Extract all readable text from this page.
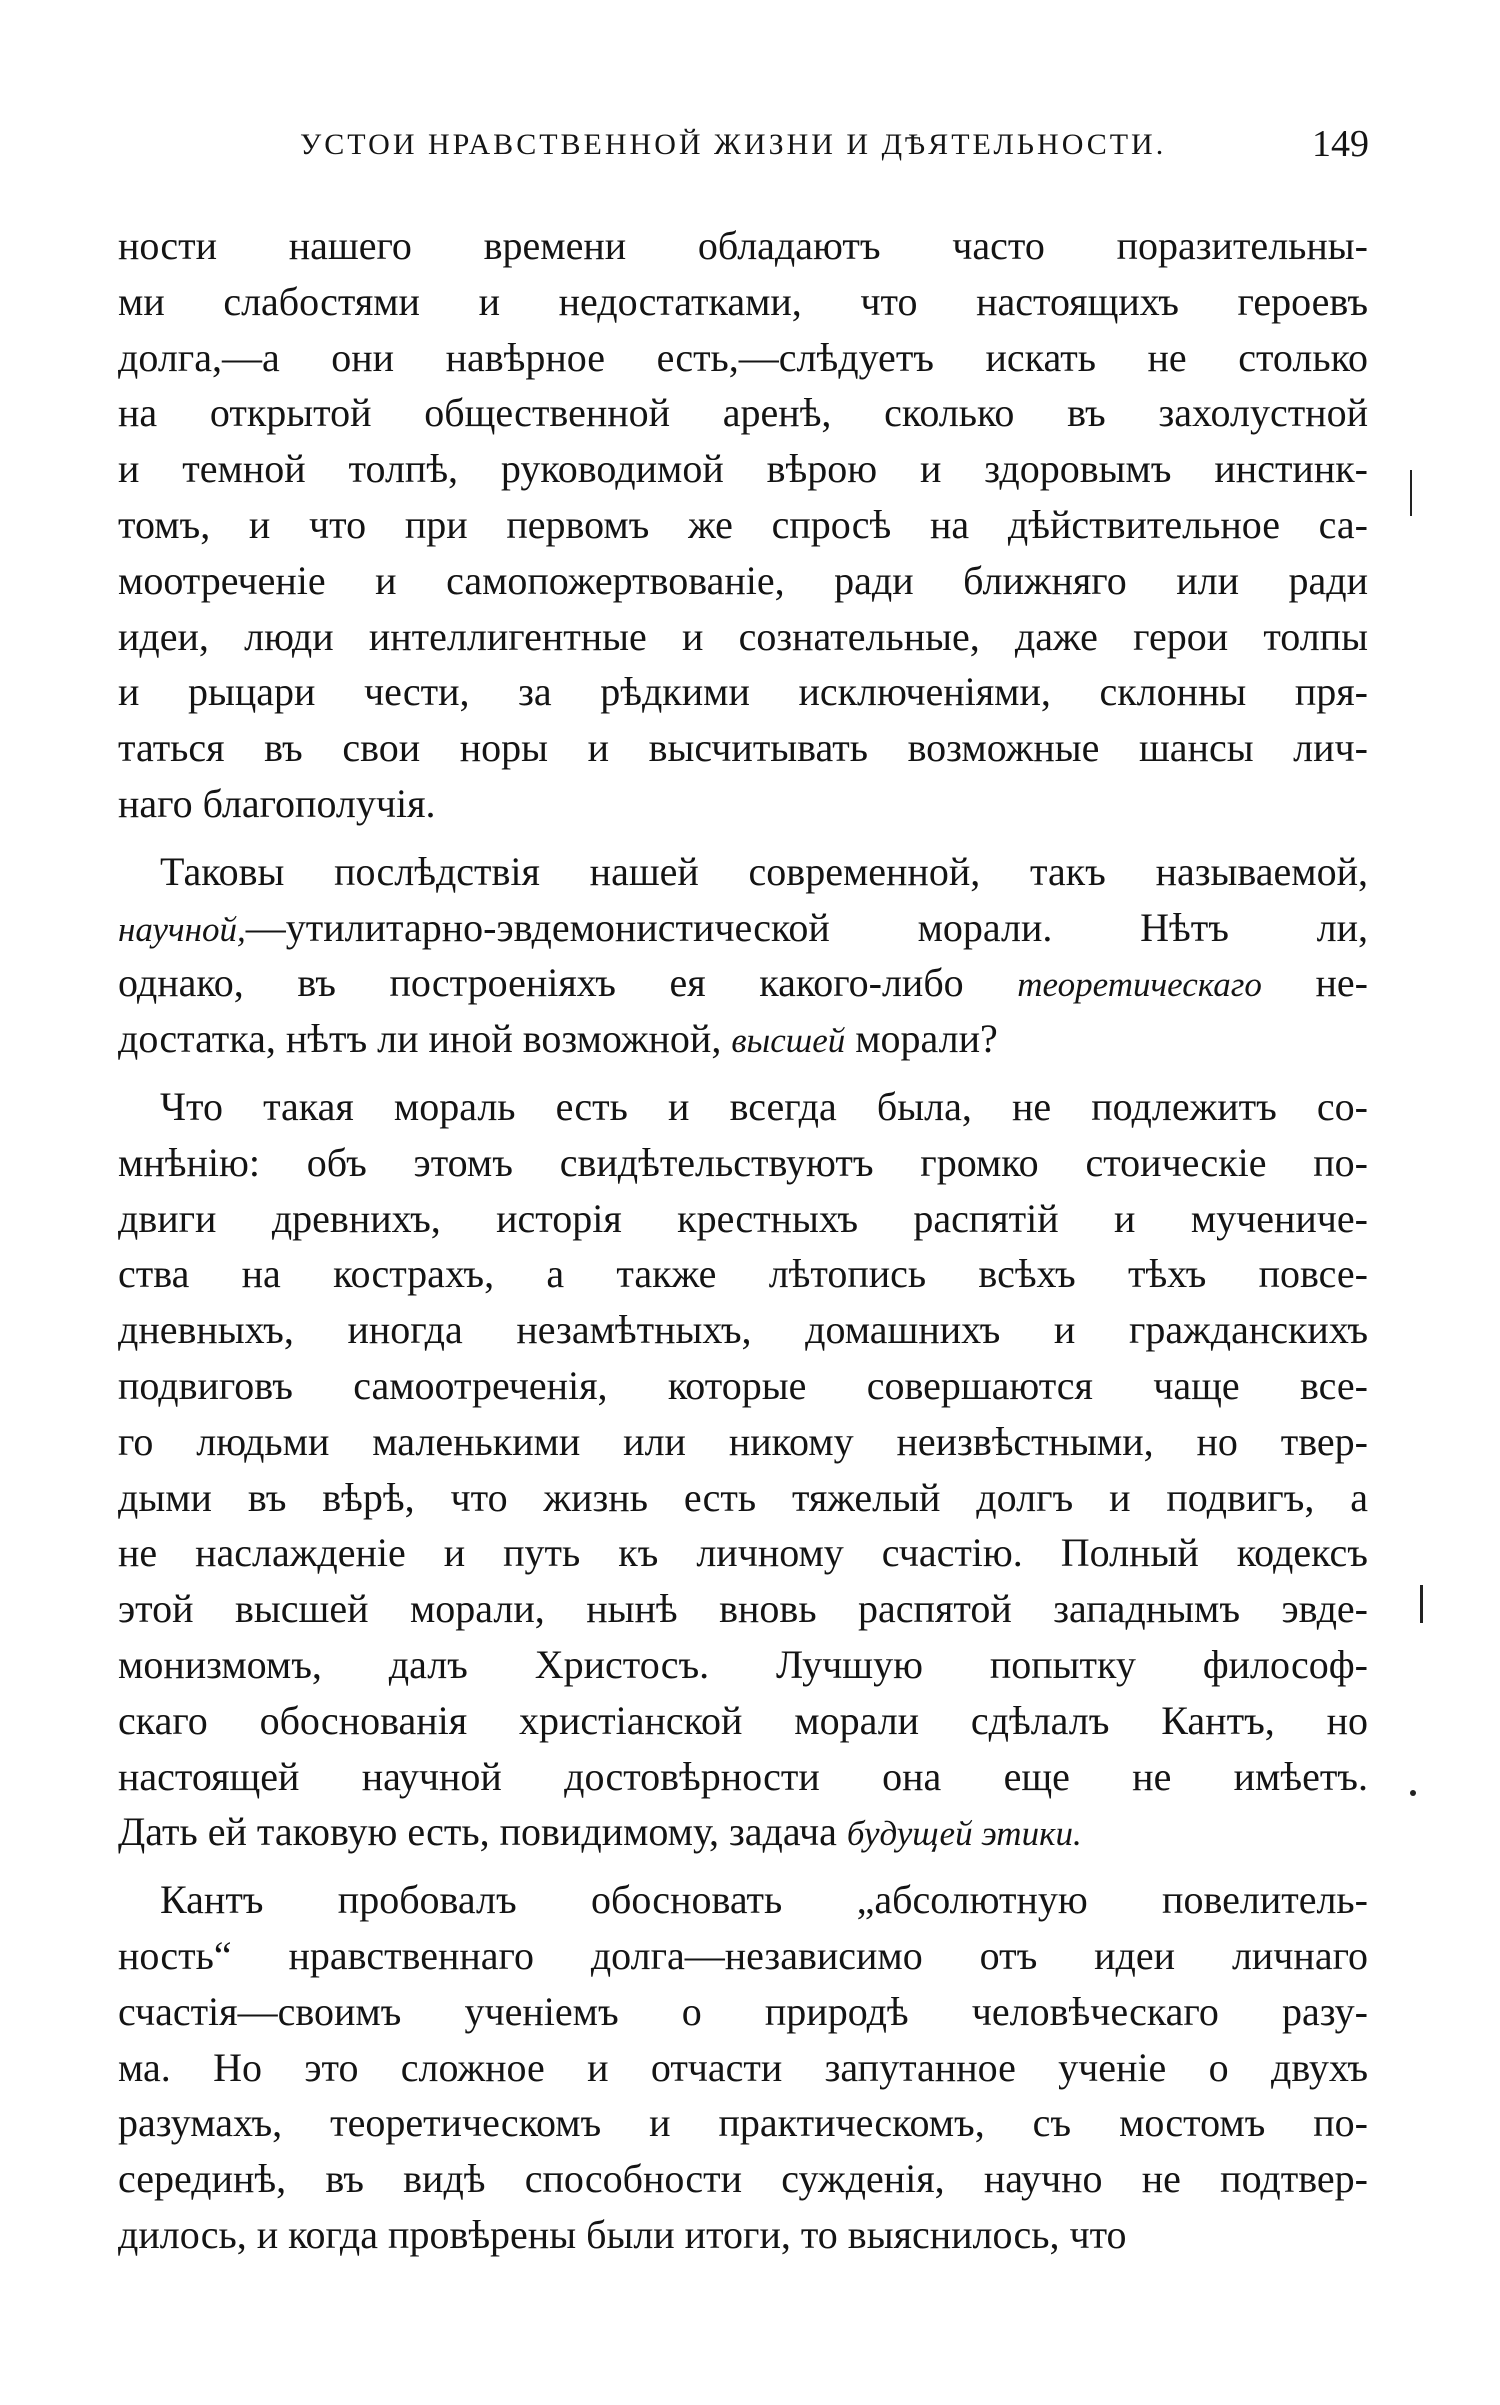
УСТОИ НРАВСТВЕННОЙ ЖИЗНИ И ДѢЯТЕЛЬНОСТИ.	149
ности нашего времени обладаютъ часто поразительны-
ми слабостями и недостатками, что настоящихъ героевъ
долга,—а они навѣрное есть,—слѣдуетъ искать не столько
на открытой общественной аренѣ, сколько въ захолустной
и темной толпѣ, руководимой вѣрою и здоровымъ инстинк-
томъ, и что при первомъ же спросѣ на дѣйствительное са-
моотреченіе и самопожертвованіе, ради ближняго или ради
идеи, люди интеллигентные и сознательные, даже герои толпы
и рыцари чести, за рѣдкими исключеніями, склонны пря-
таться въ свои норы и высчитывать возможные шансы лич-
наго благополучія.
Таковы послѣдствія нашей современной, такъ называемой,
научной,—утилитарно-эвдемонистической морали. Нѣтъ ли,
однако, въ построеніяхъ ея какого-либо теоретическаго не-
достатка, нѣтъ ли иной возможной, высшей морали?
Что такая мораль есть и всегда была, не подлежитъ со-
мнѣнію: объ этомъ свидѣтельствуютъ громко стоическіе по-
двиги древнихъ, исторія крестныхъ распятій и мучениче-
ства на кострахъ, а также лѣтопись всѣхъ тѣхъ повсе-
дневныхъ, иногда незамѣтныхъ, домашнихъ и гражданскихъ
подвиговъ самоотреченія, которые совершаются чаще все-
го людьми маленькими или никому неизвѣстными, но твер-
дыми въ вѣрѣ, что жизнь есть тяжелый долгъ и подвигъ, а
не наслажденіе и путь къ личному счастію. Полный кодексъ
этой высшей морали, нынѣ вновь распятой западнымъ эвде-
монизмомъ, далъ Христосъ. Лучшую попытку философ-
скаго обоснованія христіанской морали сдѣлалъ Кантъ, но
настоящей научной достовѣрности она еще не имѣетъ.
Дать ей таковую есть, повидимому, задача будущей этики.
Кантъ пробовалъ обосновать „абсолютную повелитель-
ность“ нравственнаго долга—независимо отъ идеи личнаго
счастія—своимъ ученіемъ о природѣ человѣческаго разу-
ма. Но это сложное и отчасти запутанное ученіе о двухъ
разумахъ, теоретическомъ и практическомъ, съ мостомъ по-
серединѣ, въ видѣ способности сужденія, научно не подтвер-
дилось, и когда провѣрены были итоги, то выяснилось, что
